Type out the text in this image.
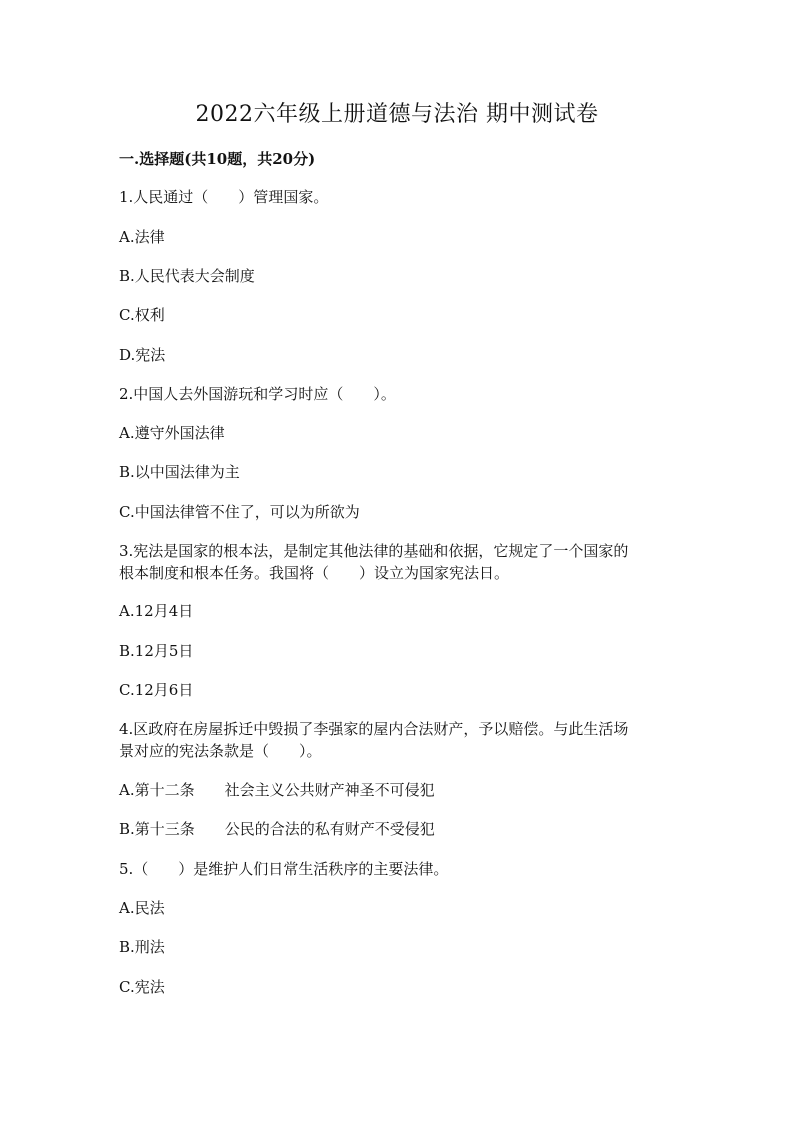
2022六年级上册道德与法治 期中测试卷
一.选择题(共10题，共20分)
1.人民通过（　　）管理国家。
A.法律
B.人民代表大会制度
C.权利
D.宪法
2.中国人去外国游玩和学习时应（　　）。
A.遵守外国法律
B.以中国法律为主
C.中国法律管不住了，可以为所欲为
3.宪法是国家的根本法，是制定其他法律的基础和依据，它规定了一个国家的
根本制度和根本任务。我国将（　　）设立为国家宪法日。
A.12月4日
B.12月5日
C.12月6日
4.区政府在房屋拆迁中毁损了李强家的屋内合法财产，予以赔偿。与此生活场
景对应的宪法条款是（　　）。
A.第十二条　　社会主义公共财产神圣不可侵犯
B.第十三条　　公民的合法的私有财产不受侵犯
5.（　　）是维护人们日常生活秩序的主要法律。
A.民法
B.刑法
C.宪法
